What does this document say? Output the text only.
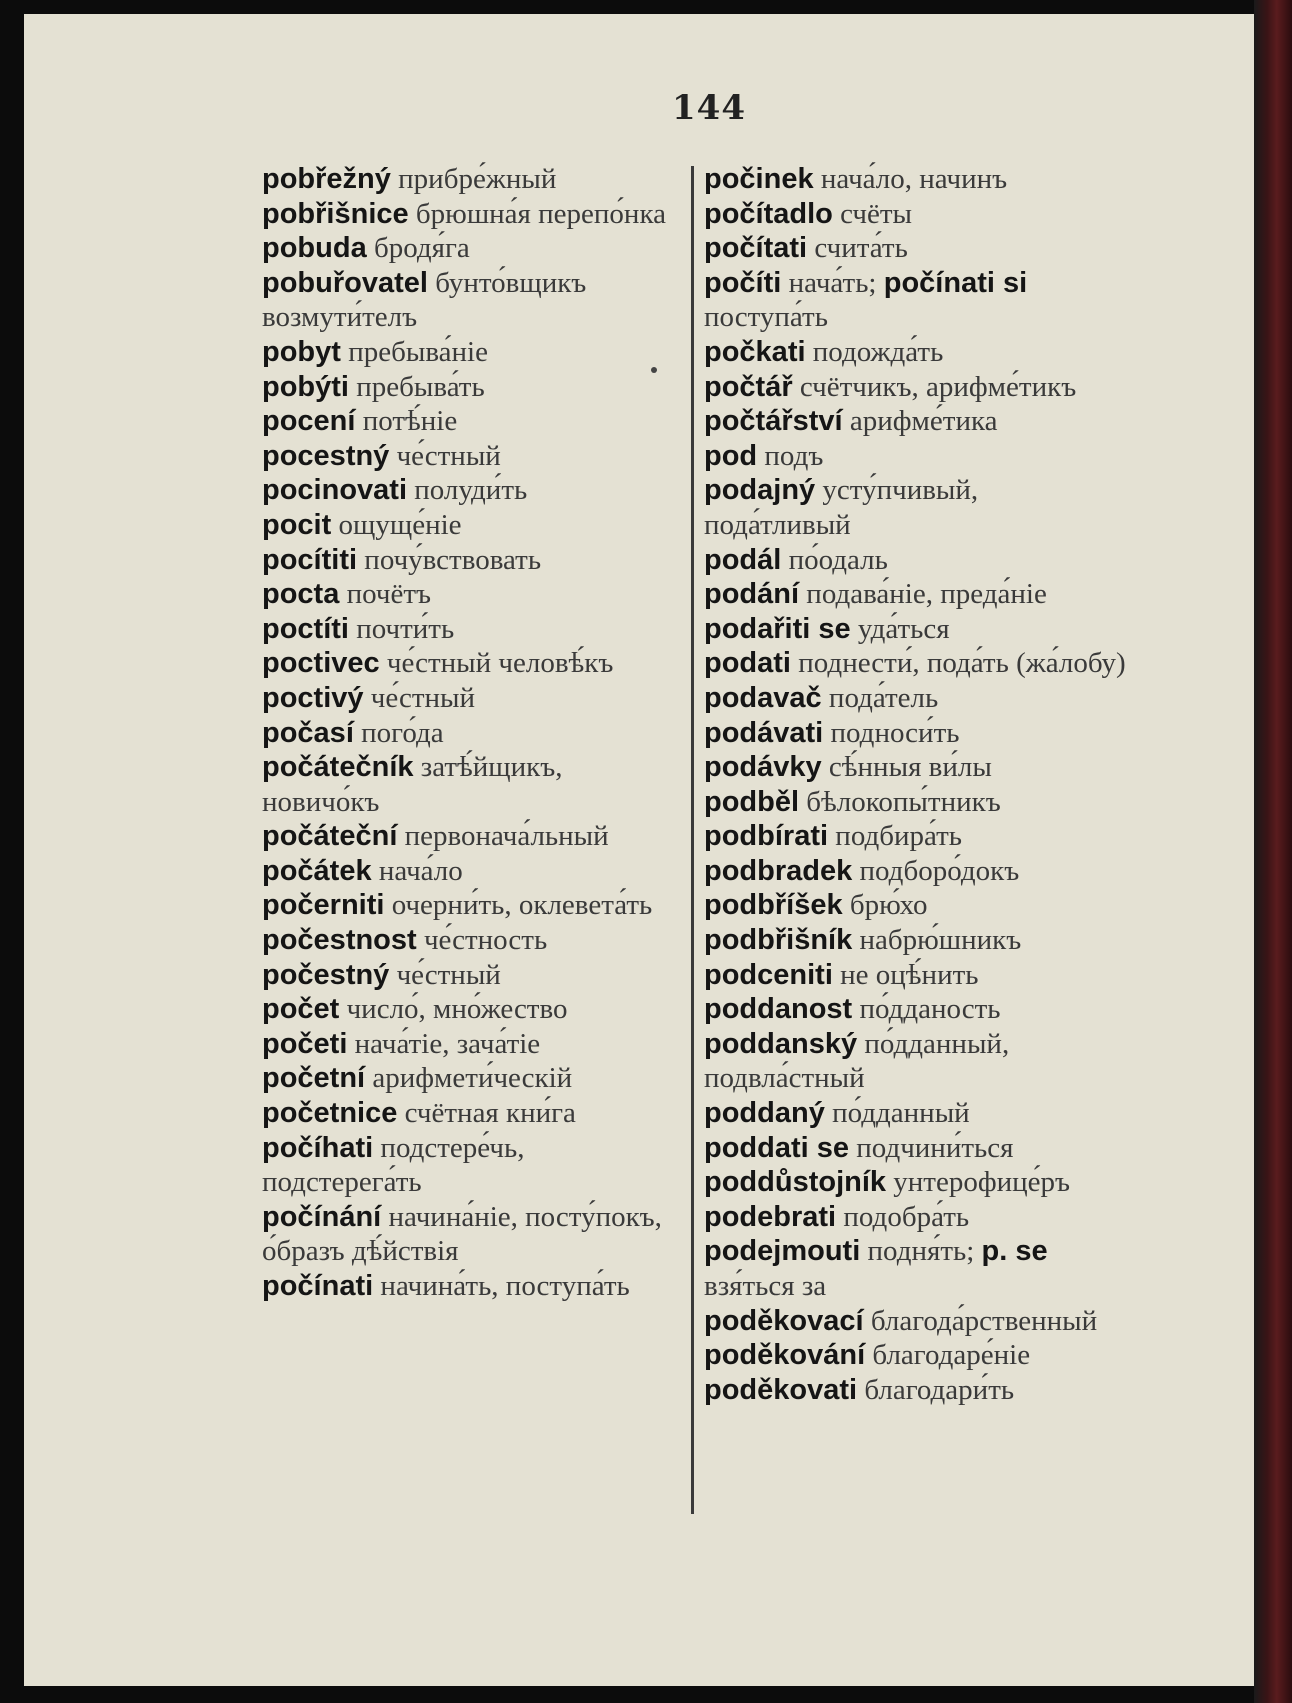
144
pobřežný прибре́жный
pobřišnice брюшна́я перепо́нка
pobuda бродя́га
pobuřovatel бунто́вщикъ возмути́телъ
pobyt пребыва́ніе
pobýti пребыва́ть
pocení потѣ́ніе
pocestný че́стный
pocinovati полуди́ть
pocit ощуще́ніе
pocítiti почу́вствовать
pocta почётъ
poctíti почти́ть
poctivec че́стный человѣ́къ
poctivý че́стный
počasí пого́да
počátečník затѣ́йщикъ, новичо́къ
počáteční первонача́льный
počátek нача́ло
počerniti очерни́ть, оклевета́ть
počestnost че́стность
počestný че́стный
počet число́, мно́жество
početi нача́тіе, зача́тіе
početní арифмети́ческій
početnice счётная кни́га
počíhati подстере́чь, подстерега́ть
počínání начина́ніе, посту́покъ, о́бразъ дѣ́йствія
počínati начина́ть, поступа́ть
počinek нача́ло, начинъ
počítadlo счёты
počítati счита́ть
počíti нача́ть; počínati si поступа́ть
počkati подожда́ть
počtář счётчикъ, арифме́тикъ
počtářství арифме́тика
pod подъ
podajný усту́пчивый, пода́тливый
podál по́одаль
podání подава́ніе, преда́ніе
podařiti se уда́ться
podati поднести́, пода́ть (жа́лобу)
podavač пода́тель
podávati подноси́ть
podávky сѣ́нныя ви́лы
podběl бѣлокопы́тникъ
podbírati подбира́ть
podbradek подборо́докъ
podbříšek брю́хо
podbřišník набрю́шникъ
podceniti не оцѣ́нить
poddanost по́дданость
poddanský по́дданный, подвла́стный
poddaný по́дданный
poddati se подчини́ться
poddůstojník унтерофице́ръ
podebrati подобра́ть
podejmouti подня́ть; p. se взя́ться за
poděkovací благода́рственный
poděkování благодаре́ніе
poděkovati благодари́ть
